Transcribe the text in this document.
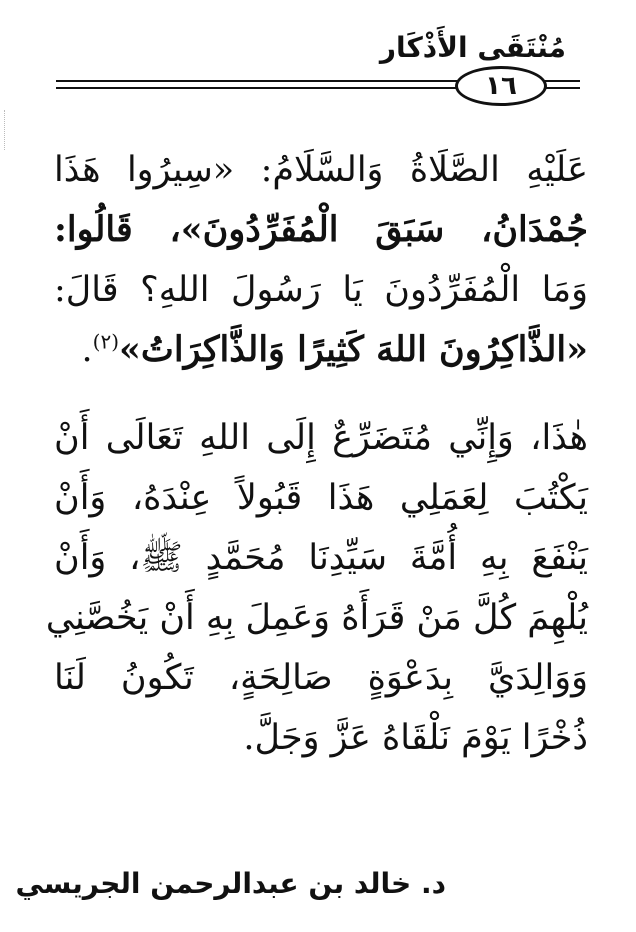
مُنْتَقَى الأَذْكَار
١٦
عَلَيْهِ الصَّلَاةُ وَالسَّلَامُ: «سِيرُوا هَذَا
جُمْدَانُ، سَبَقَ الْمُفَرِّدُونَ»، قَالُوا:
وَمَا الْمُفَرِّدُونَ يَا رَسُولَ اللهِ؟ قَالَ:
«الذَّاكِرُونَ اللهَ كَثِيرًا وَالذَّاكِرَاتُ»$^{(٢)}$.
هٰذَا، وَإِنِّي مُتَضَرِّعٌ إِلَى اللهِ تَعَالَى أَنْ
يَكْتُبَ لِعَمَلِي هَذَا قَبُولاً عِنْدَهُ، وَأَنْ
يَنْفَعَ بِهِ أُمَّةَ سَيِّدِنَا مُحَمَّدٍ ﷺ، وَأَنْ
يُلْهِمَ كُلَّ مَنْ قَرَأَهُ وَعَمِلَ بِهِ أَنْ يَخُصَّنِي
وَوَالِدَيَّ بِدَعْوَةٍ صَالِحَةٍ، تَكُونُ لَنَا
ذُخْرًا يَوْمَ نَلْقَاهُ عَزَّ وَجَلَّ.
د. خالد بن عبدالرحمن الجريسي
